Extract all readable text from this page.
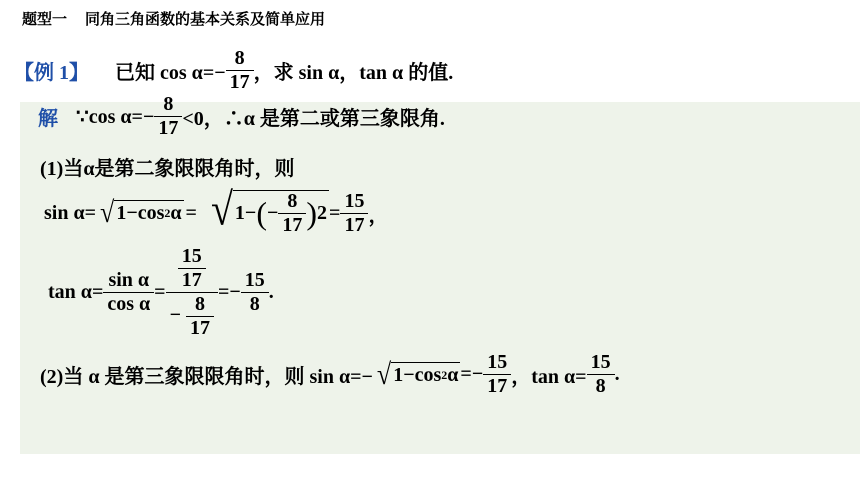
题型一 同角三角函数的基本关系及简单应用
【例 1】 已知 $\cos \alpha=- \frac{8}{17}$ ，求 sin α，tan α 的值.
解 ∵cos $\alpha=- \frac{8}{17} <0$，∴α 是第二或第三象限角.
(1)当α是第二象限限角时，则
sin α= √ 1−cos 2 α = √ 1− ( − $\frac{8}{17}$ ) $2 = \frac{15}{17}$ ，
$\tan \alpha= \frac{\text{sin α}}{\text{cos α}} = \frac{\frac{15}{17}}{- \frac{8}{17}}$ = − $\frac{15}{8}$ .
(2)当 α 是第三象限限角时，则 sin α=− √ 1−cos 2 $\alpha =- \frac{15}{17}$ ，$\tan \alpha= \frac{15}{8}$ .
